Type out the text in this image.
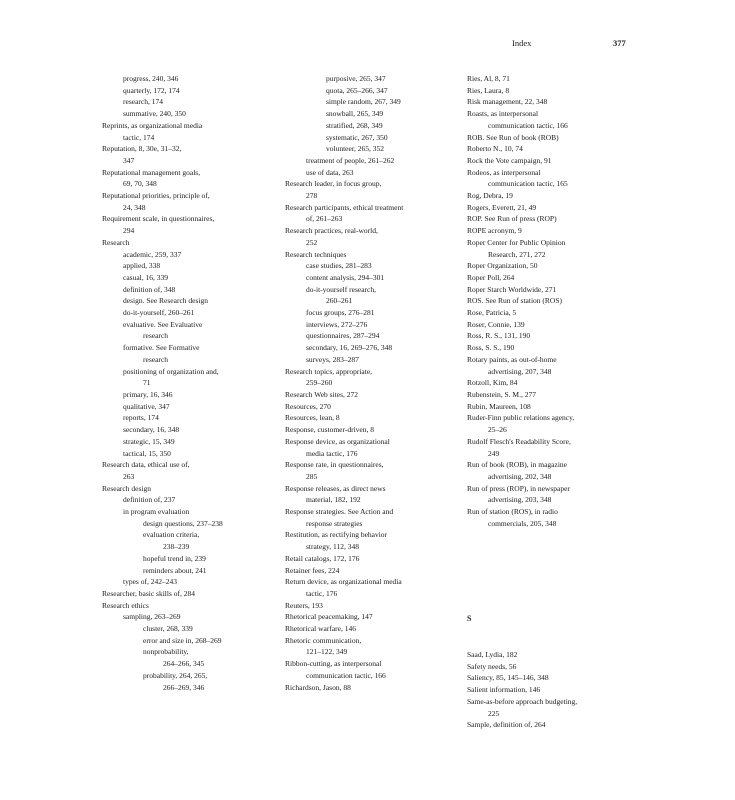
Index	377
progress, 240, 346
quarterly, 172, 174
research, 174
summative, 240, 350
Reprints, as organizational media
tactic, 174
Reputation, 8, 30e, 31–32,
347
Reputational management goals,
69, 70, 348
Reputational priorities, principle of,
24, 348
Requirement scale, in questionnaires,
294
Research
academic, 259, 337
applied, 338
casual, 16, 339
definition of, 348
design. See Research design
do-it-yourself, 260–261
evaluative. See Evaluative
research
formative. See Formative
research
positioning of organization and,
71
primary, 16, 346
qualitative, 347
reports, 174
secondary, 16, 348
strategic, 15, 349
tactical, 15, 350
Research data, ethical use of,
263
Research design
definition of, 237
in program evaluation
design questions, 237–238
evaluation criteria,
238–239
hopeful trend in, 239
reminders about, 241
types of, 242–243
Researcher, basic skills of, 284
Research ethics
sampling, 263–269
cluster, 268, 339
error and size in, 268–269
nonprobability,
264–266, 345
probability, 264, 265,
266–269, 346
purposive, 265, 347
quota, 265–266, 347
simple random, 267, 349
snowball, 265, 349
stratified, 268, 349
systematic, 267, 350
volunteer, 265, 352
treatment of people, 261–262
use of data, 263
Research leader, in focus group,
278
Research participants, ethical treatment
of, 261–263
Research practices, real-world,
252
Research techniques
case studies, 281–283
content analysis, 294–301
do-it-yourself research,
260–261
focus groups, 276–281
interviews, 272–276
questionnaires, 287–294
secondary, 16, 269–276, 348
surveys, 283–287
Research topics, appropriate,
259–260
Research Web sites, 272
Resources, 270
Resources, lean, 8
Response, customer-driven, 8
Response device, as organizational
media tactic, 176
Response rate, in questionnaires,
285
Response releases, as direct news
material, 182, 192
Response strategies. See Action and
response strategies
Restitution, as rectifying behavior
strategy, 112, 348
Retail catalogs, 172, 176
Retainer fees, 224
Return device, as organizational media
tactic, 176
Reuters, 193
Rhetorical peacemaking, 147
Rhetorical warfare, 146
Rhetoric communication,
121–122, 349
Ribbon-cutting, as interpersonal
communication tactic, 166
Richardson, Jason, 88
Ries, Al, 8, 71
Ries, Laura, 8
Risk management, 22, 348
Roasts, as interpersonal
communication tactic, 166
ROB. See Run of book (ROB)
Roberto N., 10, 74
Rock the Vote campaign, 91
Rodeos, as interpersonal
communication tactic, 165
Rog, Debra, 19
Rogers, Everett, 21, 49
ROP. See Run of press (ROP)
ROPE acronym, 9
Roper Center for Public Opinion
Research, 271, 272
Roper Organization, 50
Roper Poll, 264
Roper Starch Worldwide, 271
ROS. See Run of station (ROS)
Rose, Patricia, 5
Roser, Connie, 139
Ross, R. S., 131, 190
Ross, S. S., 190
Rotary paints, as out-of-home
advertising, 207, 348
Rotzoll, Kim, 84
Rubenstein, S. M., 277
Rubin, Maureen, 108
Ruder-Finn public relations agency,
25–26
Rudolf Flesch's Readability Score,
249
Run of book (ROB), in magazine
advertising, 202, 348
Run of press (ROP), in newspaper
advertising, 203, 348
Run of station (ROS), in radio
commercials, 205, 348
S
Saad, Lydia, 182
Safety needs, 56
Saliency, 85, 145–146, 348
Salient information, 146
Same-as-before approach budgeting,
225
Sample, definition of, 264
